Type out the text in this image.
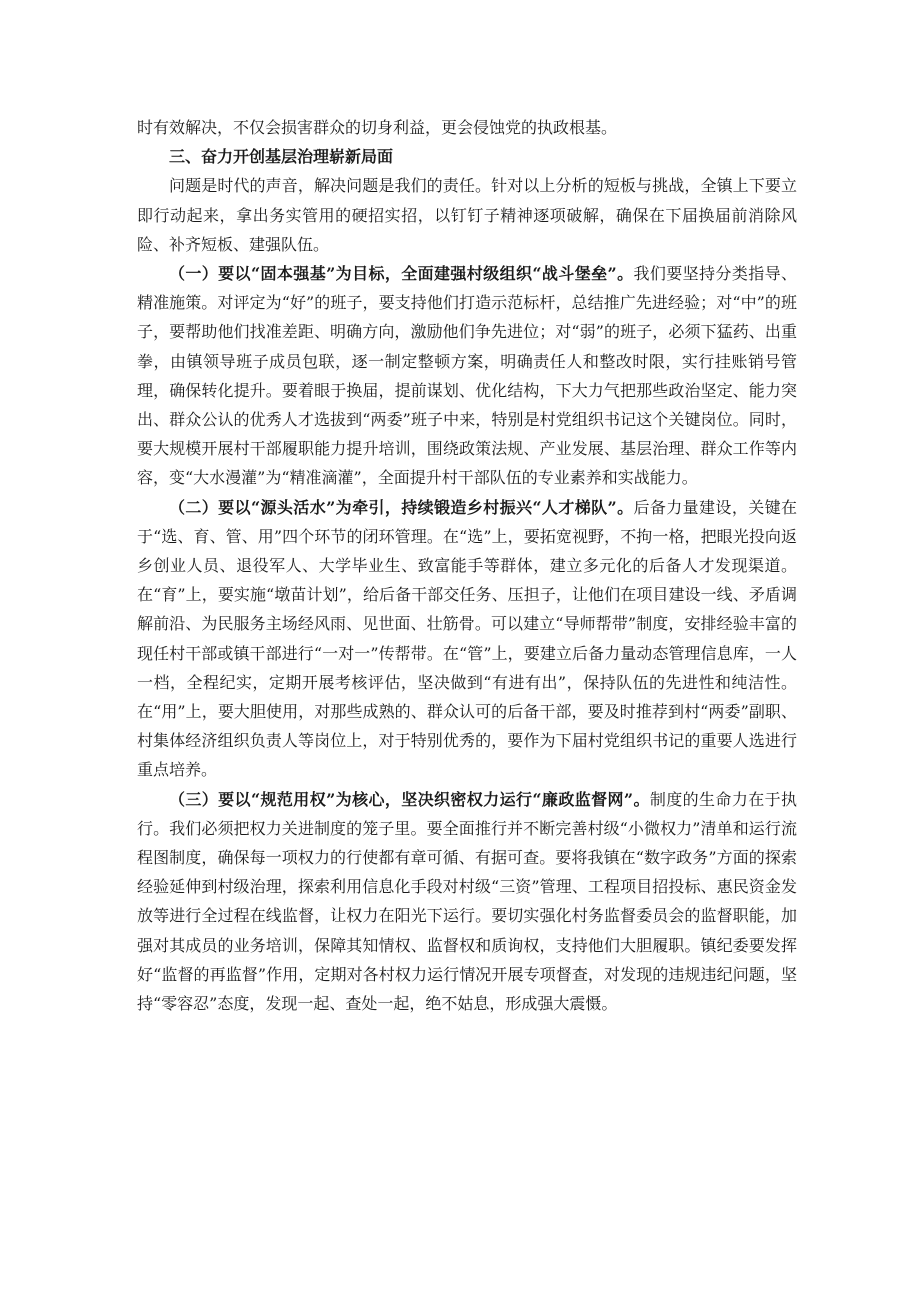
时有效解决，不仅会损害群众的切身利益，更会侵蚀党的执政根基。

三、奋力开创基层治理崭新局面

问题是时代的声音，解决问题是我们的责任。针对以上分析的短板与挑战，全镇上下要立即行动起来，拿出务实管用的硬招实招，以钉钉子精神逐项破解，确保在下届换届前消除风险、补齐短板、建强队伍。

（一）要以“固本强基”为目标，全面建强村级组织“战斗堡垒”。我们要坚持分类指导、精准施策。对评定为“好”的班子，要支持他们打造示范标杆，总结推广先进经验；对“中”的班子，要帮助他们找准差距、明确方向，激励他们争先进位；对“弱”的班子，必须下猛药、出重拳，由镇领导班子成员包联，逐一制定整顿方案，明确责任人和整改时限，实行挂账销号管理，确保转化提升。要着眼于换届，提前谋划、优化结构，下大力气把那些政治坚定、能力突出、群众公认的优秀人才选拔到“两委”班子中来，特别是村党组织书记这个关键岗位。同时，要大规模开展村干部履职能力提升培训，围绕政策法规、产业发展、基层治理、群众工作等内容，变“大水漫灌”为“精准滴灌”，全面提升村干部队伍的专业素养和实战能力。

（二）要以“源头活水”为牵引，持续锻造乡村振兴“人才梯队”。后备力量建设，关键在于“选、育、管、用”四个环节的闭环管理。在“选”上，要拓宽视野，不拘一格，把眼光投向返乡创业人员、退役军人、大学毕业生、致富能手等群体，建立多元化的后备人才发现渠道。在“育”上，要实施“墩苗计划”，给后备干部交任务、压担子，让他们在项目建设一线、矛盾调解前沿、为民服务主场经风雨、见世面、壮筋骨。可以建立“导师帮带”制度，安排经验丰富的现任村干部或镇干部进行“一对一”传帮带。在“管”上，要建立后备力量动态管理信息库，一人一档，全程纪实，定期开展考核评估，坚决做到“有进有出”，保持队伍的先进性和纯洁性。在“用”上，要大胆使用，对那些成熟的、群众认可的后备干部，要及时推荐到村“两委”副职、村集体经济组织负责人等岗位上，对于特别优秀的，要作为下届村党组织书记的重要人选进行重点培养。

（三）要以“规范用权”为核心，坚决织密权力运行“廉政监督网”。制度的生命力在于执行。我们必须把权力关进制度的笼子里。要全面推行并不断完善村级“小微权力”清单和运行流程图制度，确保每一项权力的行使都有章可循、有据可查。要将我镇在“数字政务”方面的探索经验延伸到村级治理，探索利用信息化手段对村级“三资”管理、工程项目招投标、惠民资金发放等进行全过程在线监督，让权力在阳光下运行。要切实强化村务监督委员会的监督职能，加强对其成员的业务培训，保障其知情权、监督权和质询权，支持他们大胆履职。镇纪委要发挥好“监督的再监督”作用，定期对各村权力运行情况开展专项督查，对发现的违规违纪问题，坚持“零容忍”态度，发现一起、查处一起，绝不姑息，形成强大震慑。
